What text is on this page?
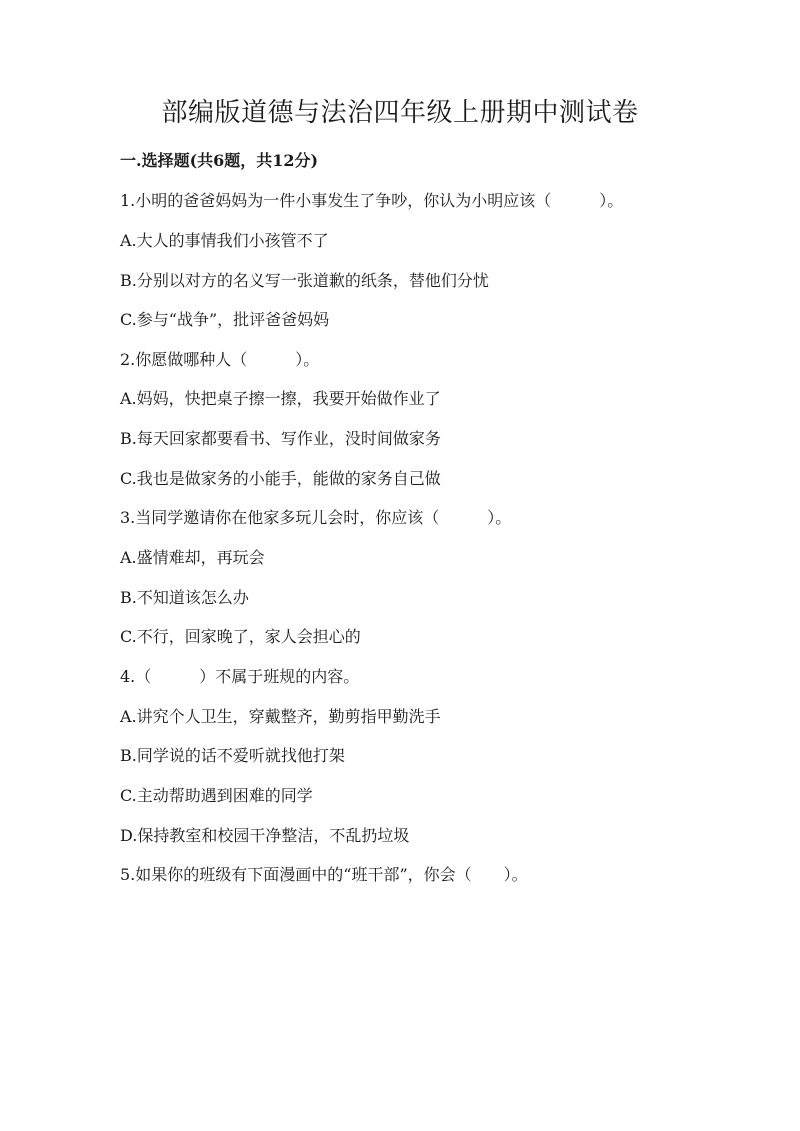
部编版道德与法治四年级上册期中测试卷
一.选择题(共6题，共12分)
1.小明的爸爸妈妈为一件小事发生了争吵，你认为小明应该（　　　）。
A.大人的事情我们小孩管不了
B.分别以对方的名义写一张道歉的纸条，替他们分忧
C.参与“战争”，批评爸爸妈妈
2.你愿做哪种人（　　　）。
A.妈妈，快把桌子擦一擦，我要开始做作业了
B.每天回家都要看书、写作业，没时间做家务
C.我也是做家务的小能手，能做的家务自己做
3.当同学邀请你在他家多玩儿会时，你应该（　　　）。
A.盛情难却，再玩会
B.不知道该怎么办
C.不行，回家晚了，家人会担心的
4.（　　　）不属于班规的内容。
A.讲究个人卫生，穿戴整齐，勤剪指甲勤洗手
B.同学说的话不爱听就找他打架
C.主动帮助遇到困难的同学
D.保持教室和校园干净整洁，不乱扔垃圾
5.如果你的班级有下面漫画中的“班干部”，你会（　　）。
